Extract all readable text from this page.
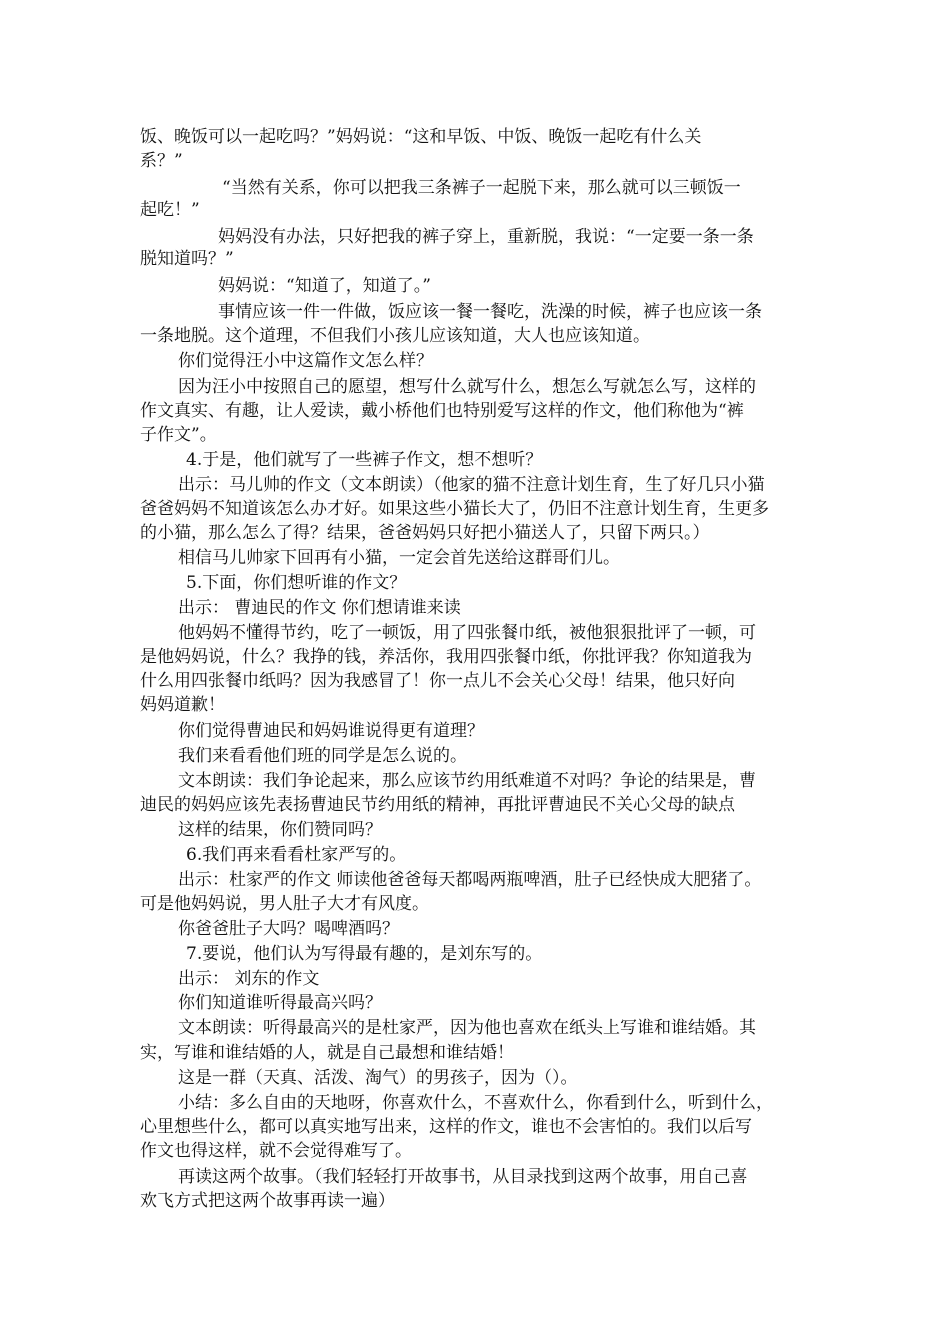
饭、晚饭可以一起吃吗？”妈妈说：“这和早饭、中饭、晚饭一起吃有什么关
系？”
“当然有关系，你可以把我三条裤子一起脱下来，那么就可以三顿饭一
起吃！”
妈妈没有办法，只好把我的裤子穿上，重新脱，我说：“一定要一条一条
脱知道吗？”
妈妈说：“知道了，知道了。”
事情应该一件一件做，饭应该一餐一餐吃，洗澡的时候，裤子也应该一条
一条地脱。这个道理，不但我们小孩儿应该知道，大人也应该知道。
你们觉得汪小中这篇作文怎么样？
因为汪小中按照自己的愿望，想写什么就写什么，想怎么写就怎么写，这样的
作文真实、有趣，让人爱读，戴小桥他们也特别爱写这样的作文，他们称他为“裤
子作文”。
4.于是，他们就写了一些裤子作文，想不想听？
出示：马儿帅的作文（文本朗读）（他家的猫不注意计划生育，生了好几只小猫
爸爸妈妈不知道该怎么办才好。如果这些小猫长大了，仍旧不注意计划生育，生更多
的小猫，那么怎么了得？结果，爸爸妈妈只好把小猫送人了，只留下两只。）
相信马儿帅家下回再有小猫，一定会首先送给这群哥们儿。
5.下面，你们想听谁的作文？
出示： 曹迪民的作文 你们想请谁来读
他妈妈不懂得节约，吃了一顿饭，用了四张餐巾纸，被他狠狠批评了一顿，可
是他妈妈说，什么？我挣的钱，养活你，我用四张餐巾纸，你批评我？你知道我为
什么用四张餐巾纸吗？因为我感冒了！你一点儿不会关心父母！结果，他只好向
妈妈道歉！
你们觉得曹迪民和妈妈谁说得更有道理？
我们来看看他们班的同学是怎么说的。
文本朗读：我们争论起来，那么应该节约用纸难道不对吗？争论的结果是，曹
迪民的妈妈应该先表扬曹迪民节约用纸的精神，再批评曹迪民不关心父母的缺点
这样的结果，你们赞同吗？
6.我们再来看看杜家严写的。
出示：杜家严的作文 师读他爸爸每天都喝两瓶啤酒，肚子已经快成大肥猪了。
可是他妈妈说，男人肚子大才有风度。
你爸爸肚子大吗？喝啤酒吗？
7.要说，他们认为写得最有趣的，是刘东写的。
出示： 刘东的作文
你们知道谁听得最高兴吗？
文本朗读：听得最高兴的是杜家严，因为他也喜欢在纸头上写谁和谁结婚。其
实，写谁和谁结婚的人，就是自己最想和谁结婚！
这是一群（天真、活泼、淘气）的男孩子，因为（）。
小结：多么自由的天地呀，你喜欢什么，不喜欢什么，你看到什么，听到什么，
心里想些什么，都可以真实地写出来，这样的作文，谁也不会害怕的。我们以后写
作文也得这样，就不会觉得难写了。
再读这两个故事。（我们轻轻打开故事书，从目录找到这两个故事，用自己喜
欢飞方式把这两个故事再读一遍）
